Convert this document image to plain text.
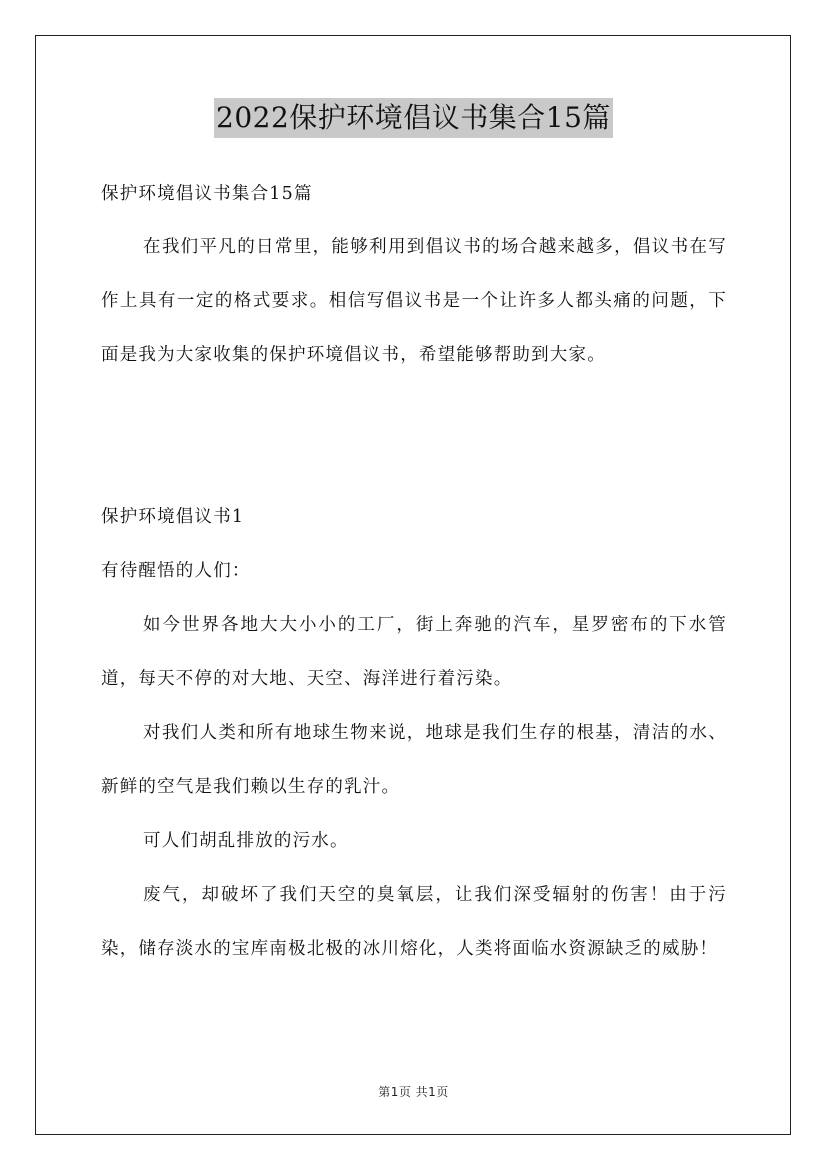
2022保护环境倡议书集合15篇

保护环境倡议书集合15篇

在我们平凡的日常里，能够利用到倡议书的场合越来越多，倡议书在写作上具有一定的格式要求。相信写倡议书是一个让许多人都头痛的问题，下面是我为大家收集的保护环境倡议书，希望能够帮助到大家。

保护环境倡议书1

有待醒悟的人们：

如今世界各地大大小小的工厂，街上奔驰的汽车，星罗密布的下水管道，每天不停的对大地、天空、海洋进行着污染。

对我们人类和所有地球生物来说，地球是我们生存的根基，清洁的水、新鲜的空气是我们赖以生存的乳汁。

可人们胡乱排放的污水。

废气，却破坏了我们天空的臭氧层，让我们深受辐射的伤害！由于污染，储存淡水的宝库南极北极的冰川熔化，人类将面临水资源缺乏的威胁！

第1页 共1页
